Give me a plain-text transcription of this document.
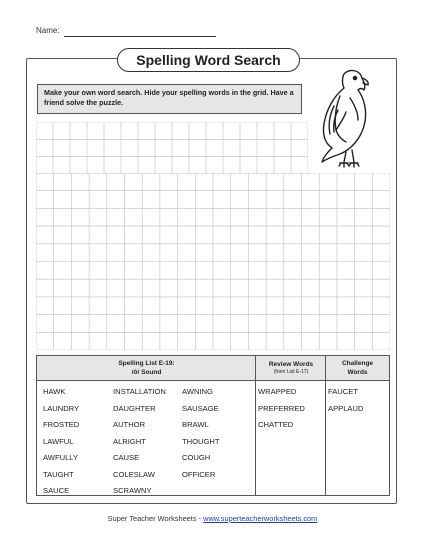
Name:
Spelling Word Search
Make your own word search. Hide your spelling words in the grid. Have a friend solve the puzzle.
Spelling List E-19:
/ô/ Sound
Review Words
(from List E-17)
Challenge
Words
HAWK
LAUNDRY
FROSTED
LAWFUL
AWFULLY
TAUGHT
SAUCE
INSTALLATION
DAUGHTER
AUTHOR
ALRIGHT
CAUSE
COLESLAW
SCRAWNY
AWNING
SAUSAGE
BRAWL
THOUGHT
COUGH
OFFICER
WRAPPED
PREFERRED
CHATTED
FAUCET
APPLAUD
Super Teacher Worksheets - www.superteacherworksheets.com
